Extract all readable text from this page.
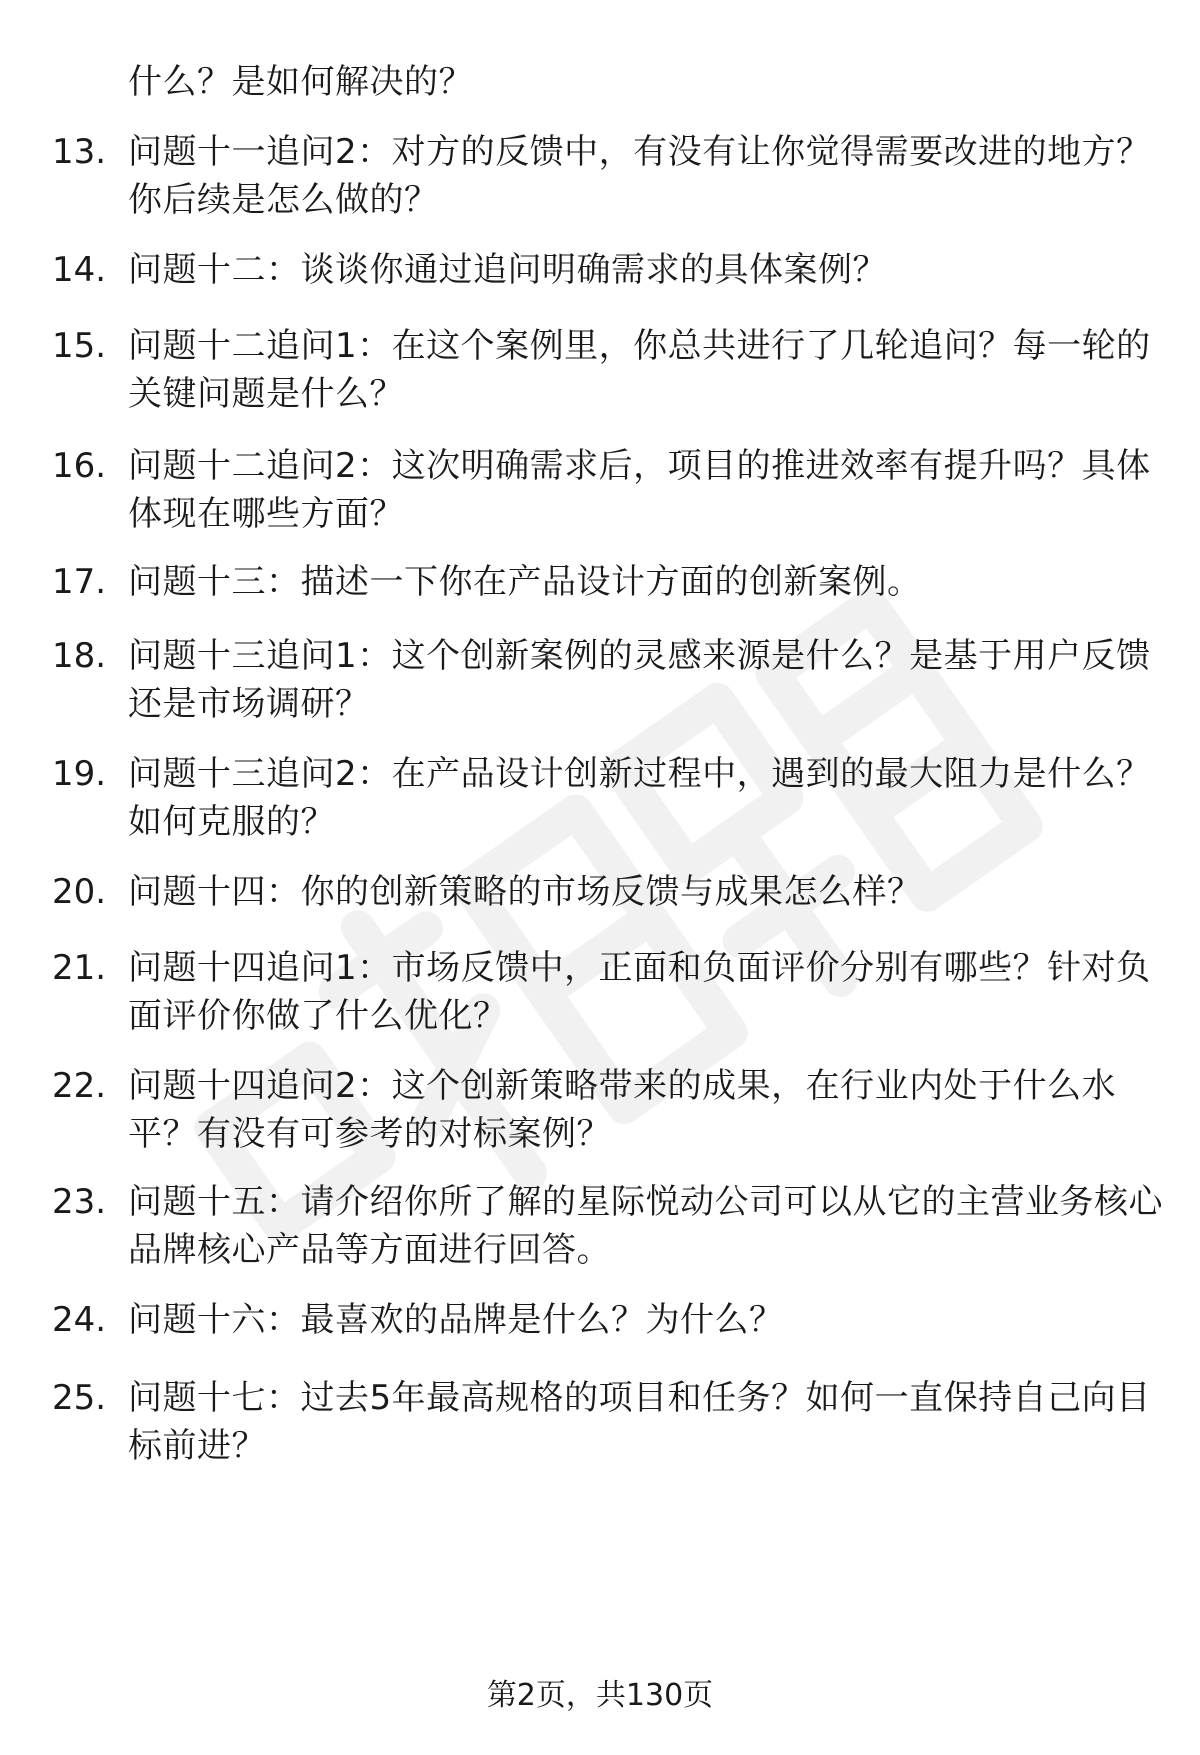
什么？是如何解决的？
13. 问题十一追问2：对方的反馈中，有没有让你觉得需要改进的地方？你后续是怎么做的？
14. 问题十二：谈谈你通过追问明确需求的具体案例？
15. 问题十二追问1：在这个案例里，你总共进行了几轮追问？每一轮的关键问题是什么？
16. 问题十二追问2：这次明确需求后，项目的推进效率有提升吗？具体体现在哪些方面？
17. 问题十三：描述一下你在产品设计方面的创新案例。
18. 问题十三追问1：这个创新案例的灵感来源是什么？是基于用户反馈还是市场调研？
19. 问题十三追问2：在产品设计创新过程中，遇到的最大阻力是什么？如何克服的？
20. 问题十四：你的创新策略的市场反馈与成果怎么样？
21. 问题十四追问1：市场反馈中，正面和负面评价分别有哪些？针对负面评价你做了什么优化？
22. 问题十四追问2：这个创新策略带来的成果，在行业内处于什么水平？有没有可参考的对标案例？
23. 问题十五：请介绍你所了解的星际悦动公司可以从它的主营业务核心品牌核心产品等方面进行回答。
24. 问题十六：最喜欢的品牌是什么？为什么？
25. 问题十七：过去5年最高规格的项目和任务？如何一直保持自己向目标前进？
第2页，共130页
